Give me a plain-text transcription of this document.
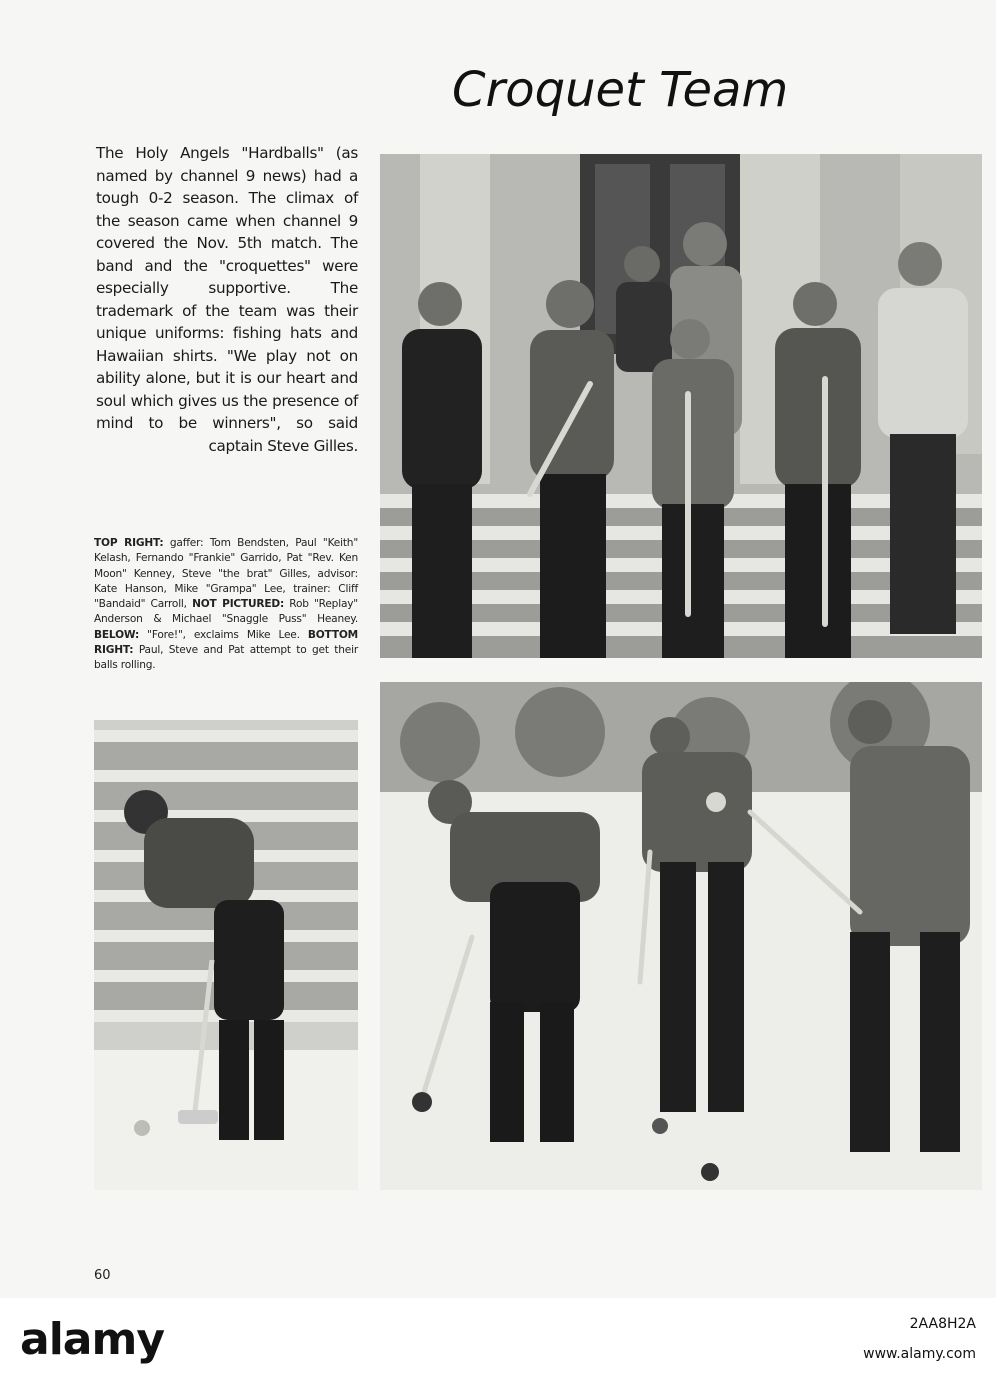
Croquet Team
The Holy Angels "Hardballs" (as named by channel 9 news) had a tough 0-2 season. The climax of the season came when channel 9 covered the Nov. 5th match. The band and the "croquettes" were especially supportive. The trademark of the team was their unique uniforms: fishing hats and Hawaiian shirts. "We play not on ability alone, but it is our heart and soul which gives us the presence of mind to be winners", so said captain Steve Gilles.
TOP RIGHT: gaffer: Tom Bendsten, Paul "Keith" Kelash, Fernando "Frankie" Garrido, Pat "Rev. Ken Moon" Kenney, Steve "the brat" Gilles, advisor: Kate Hanson, Mike "Grampa" Lee, trainer: Cliff "Bandaid" Carroll, NOT PICTURED: Rob "Replay" Anderson & Michael "Snaggle Puss" Heaney. BELOW: "Fore!", exclaims Mike Lee. BOTTOM RIGHT: Paul, Steve and Pat attempt to get their balls rolling.
60
alamy	2AA8H2A
www.alamy.com
